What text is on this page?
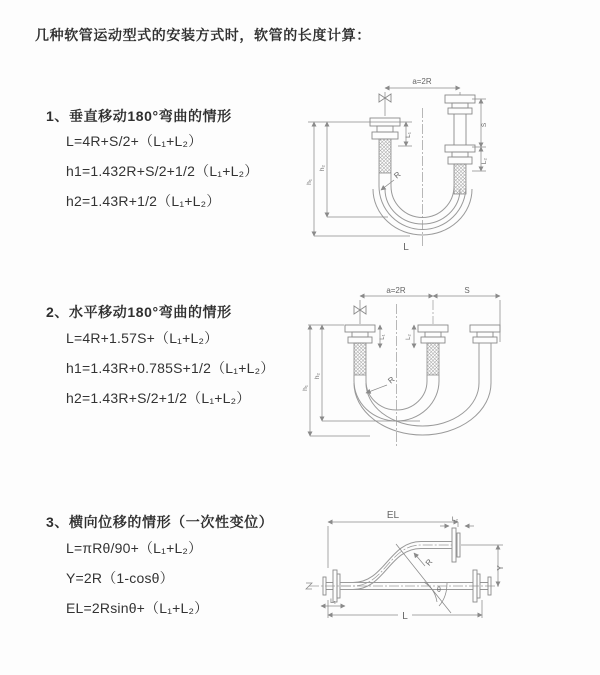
几种软管运动型式的安装方式时，软管的长度计算：
1、垂直移动180°弯曲的情形
L=4R+S/2+（L₁+L₂）
h1=1.432R+S/2+1/2（L₁+L₂）
h2=1.43R+1/2（L₁+L₂）
a=2R
L₁
S
L₂
h₂
h₁
R
L
2、水平移动180°弯曲的情形
L=4R+1.57S+（L₁+L₂）
h1=1.43R+0.785S+1/2（L₁+L₂）
h2=1.43R+S/2+1/2（L₁+L₂）
a=2R	S
L₁	L₂
h₂
h₁
R
3、横向位移的情形（一次性变位）
L=πRθ/90+（L₁+L₂）
Y=2R（1-cosθ）
EL=2Rsinθ+（L₁+L₂）
EL	L₂
Y
θ
R
L
L₁
